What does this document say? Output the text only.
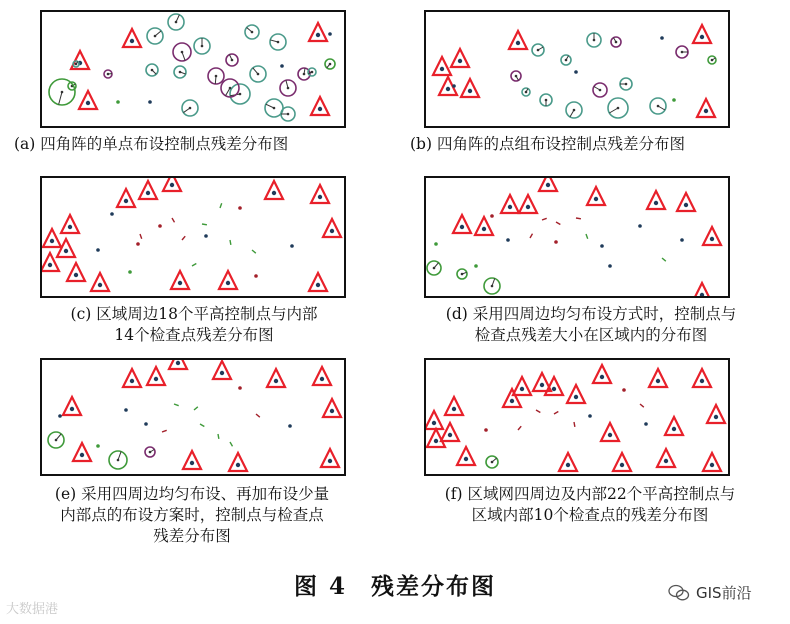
(a) 四角阵的单点布设控制点残差分布图	(b) 四角阵的点组布设控制点残差分布图
(c) 区域周边18个平高控制点与内部
14个检查点残差分布图
(d) 采用四周边均匀布设方式时，控制点与
检查点残差大小在区域内的分布图
(e) 采用四周边均匀布设、再加布设少量
内部点的布设方案时，控制点与检查点
残差分布图
(f) 区域网四周边及内部22个平高控制点与
区域内部10个检查点的残差分布图
图 4 残差分布图
大数据港
GIS前沿
